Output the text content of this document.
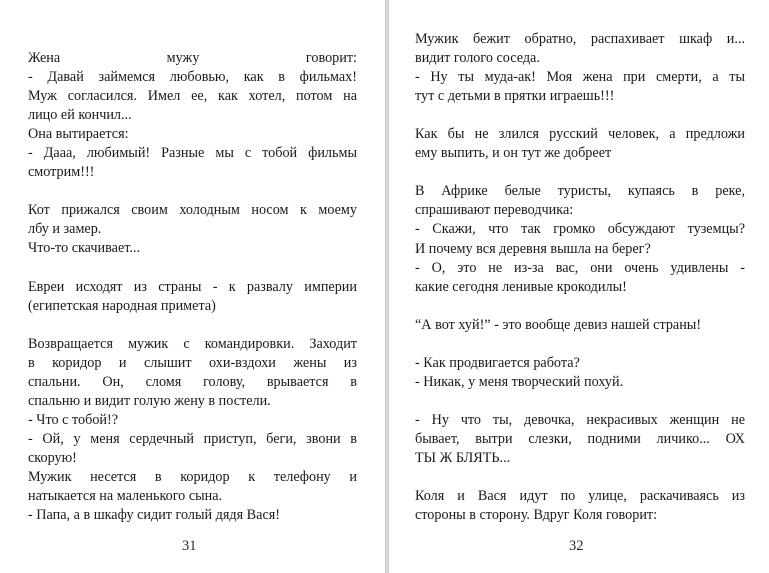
Жена мужу говорит:
- Давай займемся любовью, как в фильмах!
Муж согласился. Имел ее, как хотел, потом на
лицо ей кончил...
Она вытирается:
- Дааа, любимый! Разные мы с тобой фильмы
смотрим!!!
Кот прижался своим холодным носом к моему
лбу и замер.
Что-то скачивает...
Евреи исходят из страны - к развалу империи
(египетская народная примета)
Возвращается мужик с командировки. Заходит
в коридор и слышит охи-вздохи жены из
спальни. Он, сломя голову, врывается в
спальню и видит голую жену в постели.
- Что с тобой!?
- Ой, у меня сердечный приступ, беги, звони в
скорую!
Мужик несется в коридор к телефону и
натыкается на маленького сына.
- Папа, а в шкафу сидит голый дядя Вася!
31
Мужик бежит обратно, распахивает шкаф и...
видит голого соседа.
- Ну ты муда-ак! Моя жена при смерти, а ты
тут с детьми в прятки играешь!!!
Как бы не злился русский человек, а предложи
ему выпить, и он тут же добреет
В Африке белые туристы, купаясь в реке,
спрашивают переводчика:
- Скажи, что так громко обсуждают туземцы?
И почему вся деревня вышла на берег?
- О, это не из-за вас, они очень удивлены -
какие сегодня ленивые крокодилы!
“А вот хуй!” - это вообще девиз нашей страны!
- Как продвигается работа?
- Никак, у меня творческий похуй.
- Ну что ты, девочка, некрасивых женщин не
бывает, вытри слезки, подними личико... ОХ
ТЫ Ж БЛЯТЬ...
Коля и Вася идут по улице, раскачиваясь из
стороны в сторону. Вдруг Коля говорит:
32
